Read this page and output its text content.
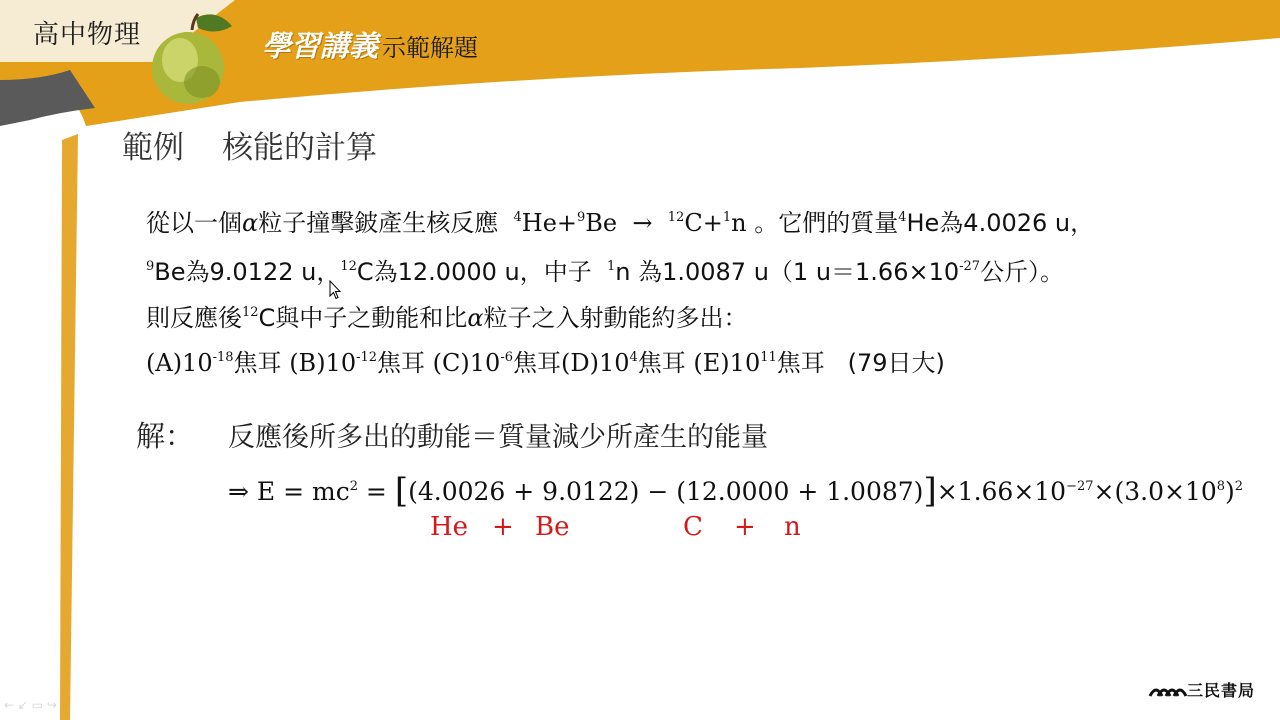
高中物理	學習講義 示範解題
範例 核能的計算
從以一個α粒子撞擊鈹產生核反應 $^4$He+$^9$Be → $^{12}$C+$^1$n 。它們的質量$^4$He為4.0026 u，
$^9$Be為9.0122 u，$^{12}$C為12.0000 u，中子 $^1$n 為1.0087 u（1 $u=1.66\times 10^{-27}$公斤）。
則反應後$^{12}$C與中子之動能和比α粒子之入射動能約多出：
$(A)10^{-18}$焦耳 $(B)10^{-12}$焦耳 $(C)10^{-6}$焦耳$(D)10^4$焦耳 $(E)10^{11}$焦耳 (79日大)
解： 反應後所多出的動能＝質量減少所產生的能量
⇒ $E = mc^2 = [(4.0026 + 9.0122) - (12.0000 + 1.0087)]\times 1.66\times 10^{-27}\times(3.0\times 10^8)^2$
He + Be	C + n
三民書局
← ↙ ▭ ↪
